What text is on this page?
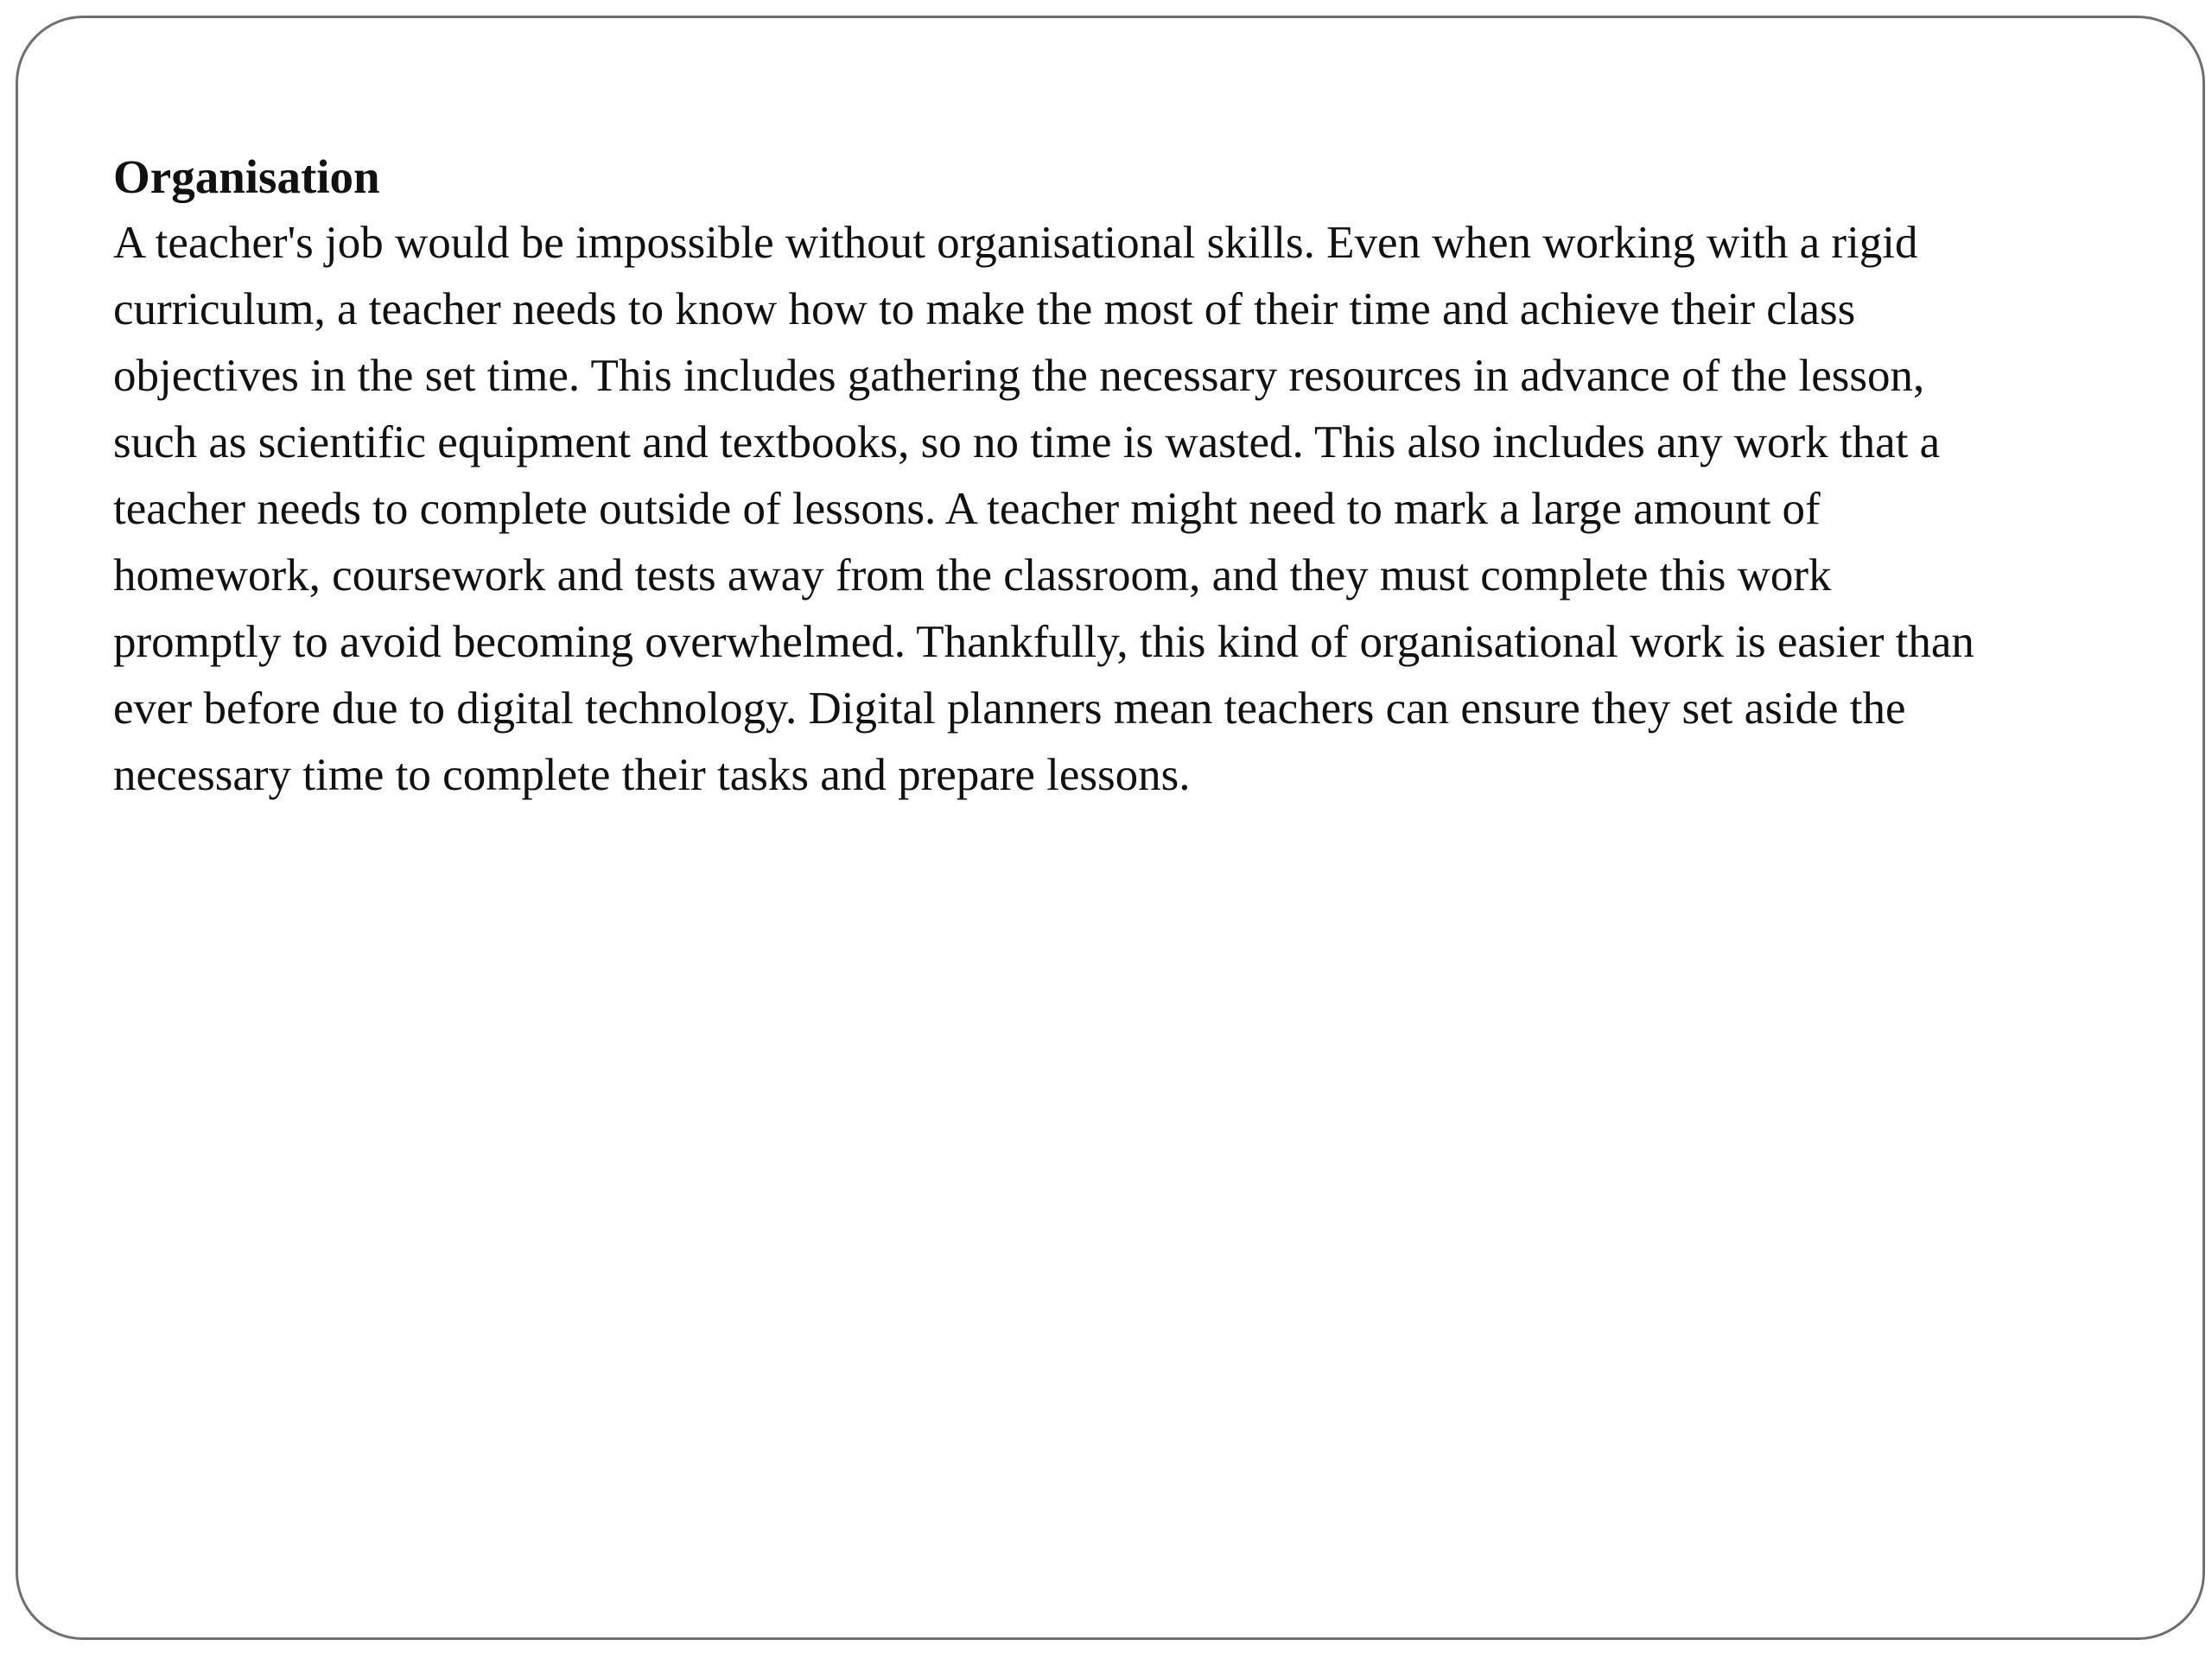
Organisation

A teacher's job would be impossible without organisational skills. Even when working with a rigid
curriculum, a teacher needs to know how to make the most of their time and achieve their class
objectives in the set time. This includes gathering the necessary resources in advance of the lesson,
such as scientific equipment and textbooks, so no time is wasted. This also includes any work that a
teacher needs to complete outside of lessons. A teacher might need to mark a large amount of
homework, coursework and tests away from the classroom, and they must complete this work
promptly to avoid becoming overwhelmed. Thankfully, this kind of organisational work is easier than
ever before due to digital technology. Digital planners mean teachers can ensure they set aside the
necessary time to complete their tasks and prepare lessons.
